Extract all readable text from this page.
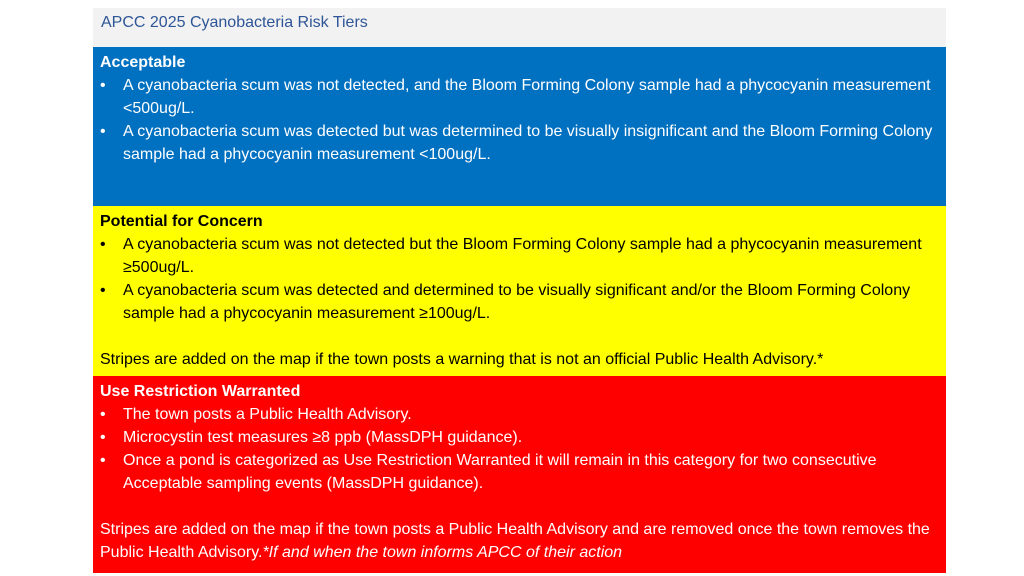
APCC 2025 Cyanobacteria Risk Tiers
Acceptable
• A cyanobacteria scum was not detected, and the Bloom Forming Colony sample had a phycocyanin measurement <500ug/L.
• A cyanobacteria scum was detected but was determined to be visually insignificant and the Bloom Forming Colony sample had a phycocyanin measurement <100ug/L.
Potential for Concern
• A cyanobacteria scum was not detected but the Bloom Forming Colony sample had a phycocyanin measurement ≥500ug/L.
• A cyanobacteria scum was detected and determined to be visually significant and/or the Bloom Forming Colony sample had a phycocyanin measurement ≥100ug/L.
Stripes are added on the map if the town posts a warning that is not an official Public Health Advisory.*
Use Restriction Warranted
• The town posts a Public Health Advisory.
• Microcystin test measures ≥8 ppb (MassDPH guidance).
• Once a pond is categorized as Use Restriction Warranted it will remain in this category for two consecutive Acceptable sampling events (MassDPH guidance).
Stripes are added on the map if the town posts a Public Health Advisory and are removed once the town removes the Public Health Advisory.*If and when the town informs APCC of their action
